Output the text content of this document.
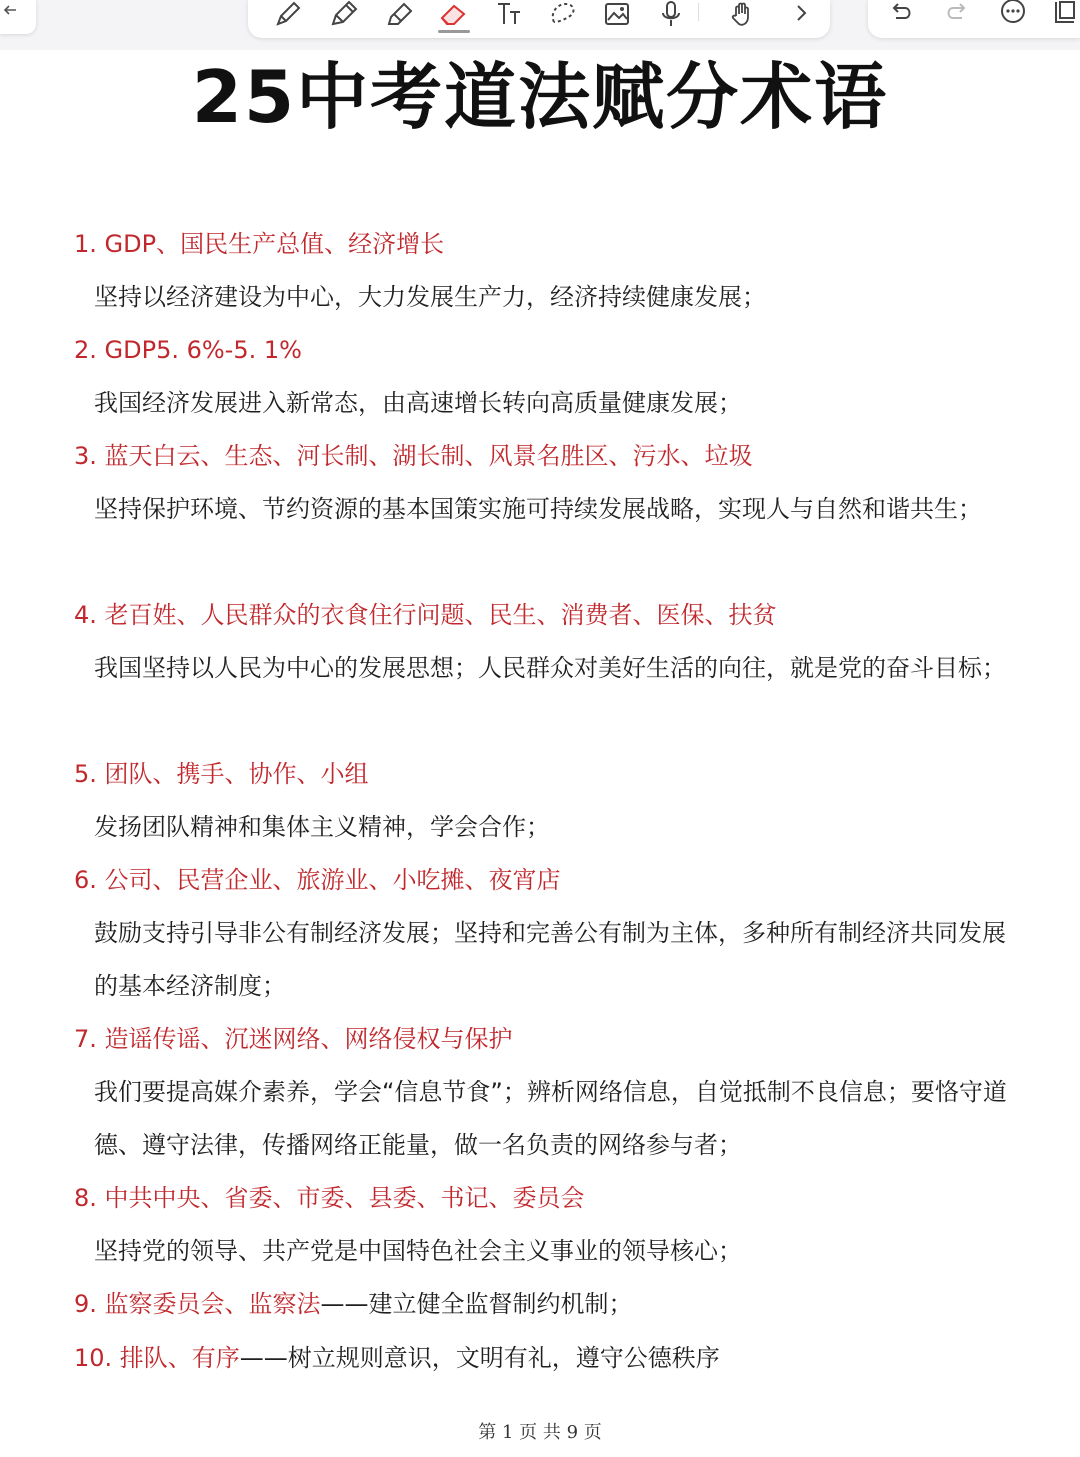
25中考道法赋分术语
1. GDP、国民生产总值、经济增长
坚持以经济建设为中心，大力发展生产力，经济持续健康发展；
2. GDP5. 6%-5. 1%
我国经济发展进入新常态，由高速增长转向高质量健康发展；
3. 蓝天白云、生态、河长制、湖长制、风景名胜区、污水、垃圾
坚持保护环境、节约资源的基本国策实施可持续发展战略，实现人与自然和谐共生；
4. 老百姓、人民群众的衣食住行问题、民生、消费者、医保、扶贫
我国坚持以人民为中心的发展思想；人民群众对美好生活的向往，就是党的奋斗目标；
5. 团队、携手、协作、小组
发扬团队精神和集体主义精神，学会合作；
6. 公司、民营企业、旅游业、小吃摊、夜宵店
鼓励支持引导非公有制经济发展；坚持和完善公有制为主体，多种所有制经济共同发展的基本经济制度；
7. 造谣传谣、沉迷网络、网络侵权与保护
我们要提高媒介素养，学会“信息节食”；辨析网络信息，自觉抵制不良信息；要恪守道德、遵守法律，传播网络正能量，做一名负责的网络参与者；
8. 中共中央、省委、市委、县委、书记、委员会
坚持党的领导、共产党是中国特色社会主义事业的领导核心；
9. 监察委员会、监察法——建立健全监督制约机制；
10. 排队、有序——树立规则意识，文明有礼，遵守公德秩序
第 1 页 共 9 页
